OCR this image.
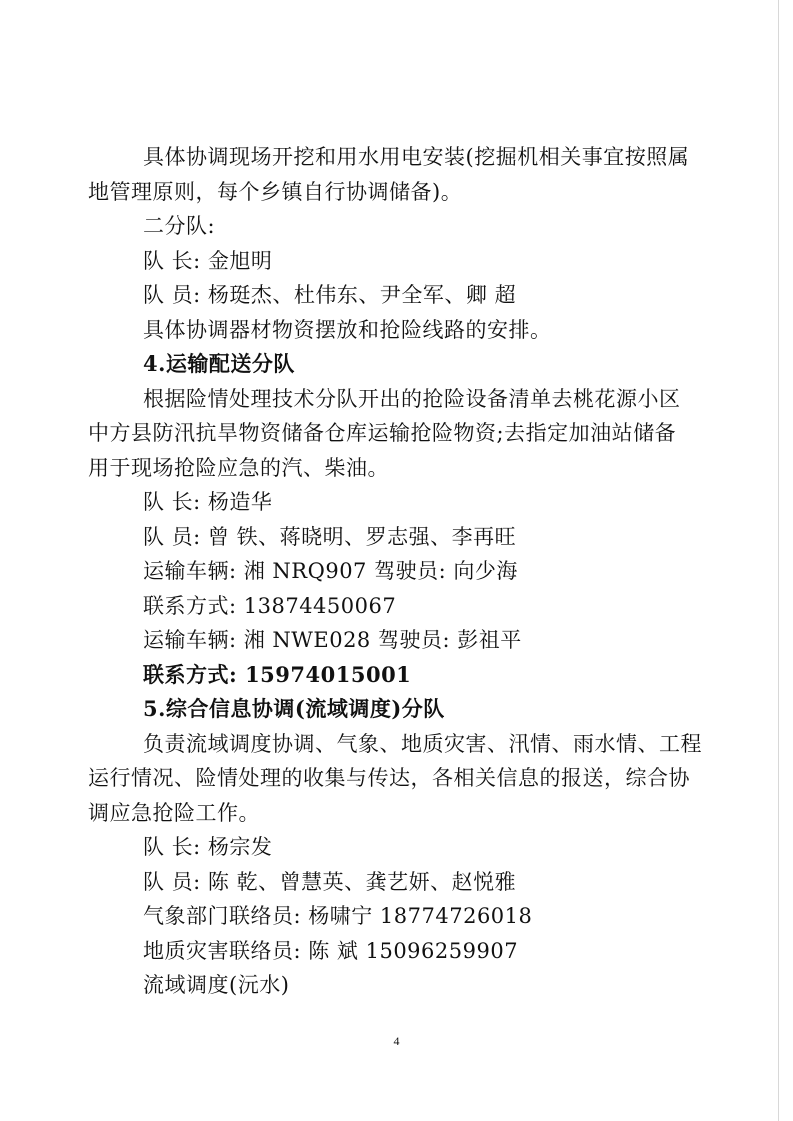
具体协调现场开挖和用水用电安装(挖掘机相关事宜按照属
地管理原则，每个乡镇自行协调储备)。
二分队:
队 长: 金旭明
队 员: 杨珽杰、杜伟东、尹全军、卿 超
具体协调器材物资摆放和抢险线路的安排。
4.运输配送分队
根据险情处理技术分队开出的抢险设备清单去桃花源小区
中方县防汛抗旱物资储备仓库运输抢险物资;去指定加油站储备
用于现场抢险应急的汽、柴油。
队 长: 杨造华
队 员: 曾 铁、蒋晓明、罗志强、李再旺
运输车辆: 湘 NRQ907 驾驶员: 向少海
联系方式: 13874450067
运输车辆: 湘 NWE028 驾驶员: 彭祖平
联系方式: 15974015001
5.综合信息协调(流域调度)分队
负责流域调度协调、气象、地质灾害、汛情、雨水情、工程
运行情况、险情处理的收集与传达，各相关信息的报送，综合协
调应急抢险工作。
队 长: 杨宗发
队 员: 陈 乾、曾慧英、龚艺妍、赵悦雅
气象部门联络员: 杨啸宁 18774726018
地质灾害联络员: 陈 斌 15096259907
流域调度(沅水)
4
